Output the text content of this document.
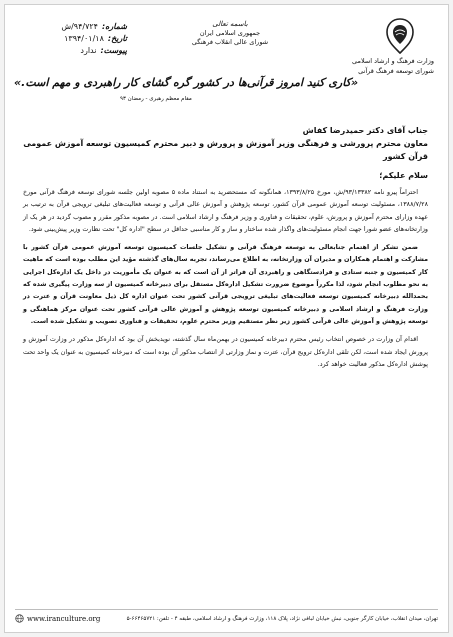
وزارت فرهنگ و ارشاد اسلامی
شورای توسعه فرهنگ قرآنی
باسمه تعالی
جمهوری اسلامی ایران
شورای عالی انقلاب فرهنگی
شماره:
۹۴/۷۲۴/ش
تاریخ:
۱۳۹۴/۰۱/۱۸
پیوست:
ندارد
«کاری کنید امروز قرآنی‌ها در کشور گره گشای کار راهبردی و مهم است.»
مقام معظم رهبری - رمضان ۹۳

جناب آقای دکتر حمیدرضا کفاش

معاون محترم پرورشی و فرهنگی وزیر آموزش و پرورش و دبیر محترم کمیسیون توسعه آموزش عمومی قرآن کشور

سلام علیکم؛

احتراماً پیرو نامه ۹۳/۱۳۳۸۲/ش، مورخ ۱۳۹۳/۸/۲۵، همانگونه که مستحضرید به استناد ماده ۵ مصوبه اولین جلسه شورای توسعه فرهنگ قرآنی مورخ ۱۳۸۸/۷/۲۸، مسئولیت توسعه آموزش عمومی قرآن کشور، توسعه پژوهش و آموزش عالی قرآنی و توسعه فعالیت‌های تبلیغی ترویجی قرآن به ترتیب بر عهده وزارای محترم آموزش و پرورش، علوم، تحقیقات و فناوری و وزیر فرهنگ و ارشاد اسلامی است. در مصوبه مذکور مقرر و مصوب گردید در هر یک از وزارتخانه‌های عضو شورا جهت انجام مسئولیت‌های واگذار شده ساختار و ساز و کار مناسبی حداقل در سطح "اداره کل" تحت نظارت وزیر پیش‌بینی شود.

ضمن تشکر از اهتمام جنابعالی به توسعه فرهنگ قرآنی و تشکیل جلسات کمیسیون توسعه آموزش عمومی قرآن کشور با مشارکت و اهتمام همکاران و مدیران آن وزارتخانه، به اطلاع می‌رساند، تجربه سال‌های گذشته مؤید این مطلب بوده است که ماهیت کار کمیسیون و جنبه ستادی و فرادستگاهی و راهبردی آن فراتر از آن است که به عنوان یک مأموریت در داخل یک اداره‌کل اجرایی به نحو مطلوب انجام شود، لذا مکرراً موضوع ضرورت تشکیل اداره‌کل مستقل برای دبیرخانه کمیسیون از سه وزارت پیگیری شده که بحمدالله دبیرخانه کمیسیون توسعه فعالیت‌های تبلیغی ترویجی قرآنی کشور تحت عنوان اداره کل ذیل معاونت قرآن و عترت در وزارت فرهنگ و ارشاد اسلامی و دبیرخانه کمیسیون توسعه پژوهش و آموزش عالی قرآنی کشور تحت عنوان مرکز هماهنگی و توسعه پژوهش و آموزش عالی قرآنی کشور زیر نظر مستقیم وزیر محترم علوم، تحقیقات و فناوری تصویب و تشکیل شده است.

اقدام آن وزارت در خصوص انتخاب رئیس محترم دبیرخانه کمیسیون در بهمن‌ماه سال گذشته، نویدبخش آن بود که اداره‌کل مذکور در وزارت آموزش و پرورش ایجاد شده است، لکن تلقی اداره‌کل ترویج قرآن، عترت و نماز وزارتی از انتصاب مذکور آن بوده است که دبیرخانه کمیسیون به عنوان یک واحد تحت پوشش اداره‌کل مذکور فعالیت خواهد کرد.

تهران، میدان انقلاب، خیابان کارگر جنوبی، نبش خیابان لبافی نژاد، پلاک ۱۱۸، وزارت فرهنگ و ارشاد اسلامی، طبقه ۴ - تلفن: ۶۶۴۶۵۷۲۱-۵
www.iranculture.org
